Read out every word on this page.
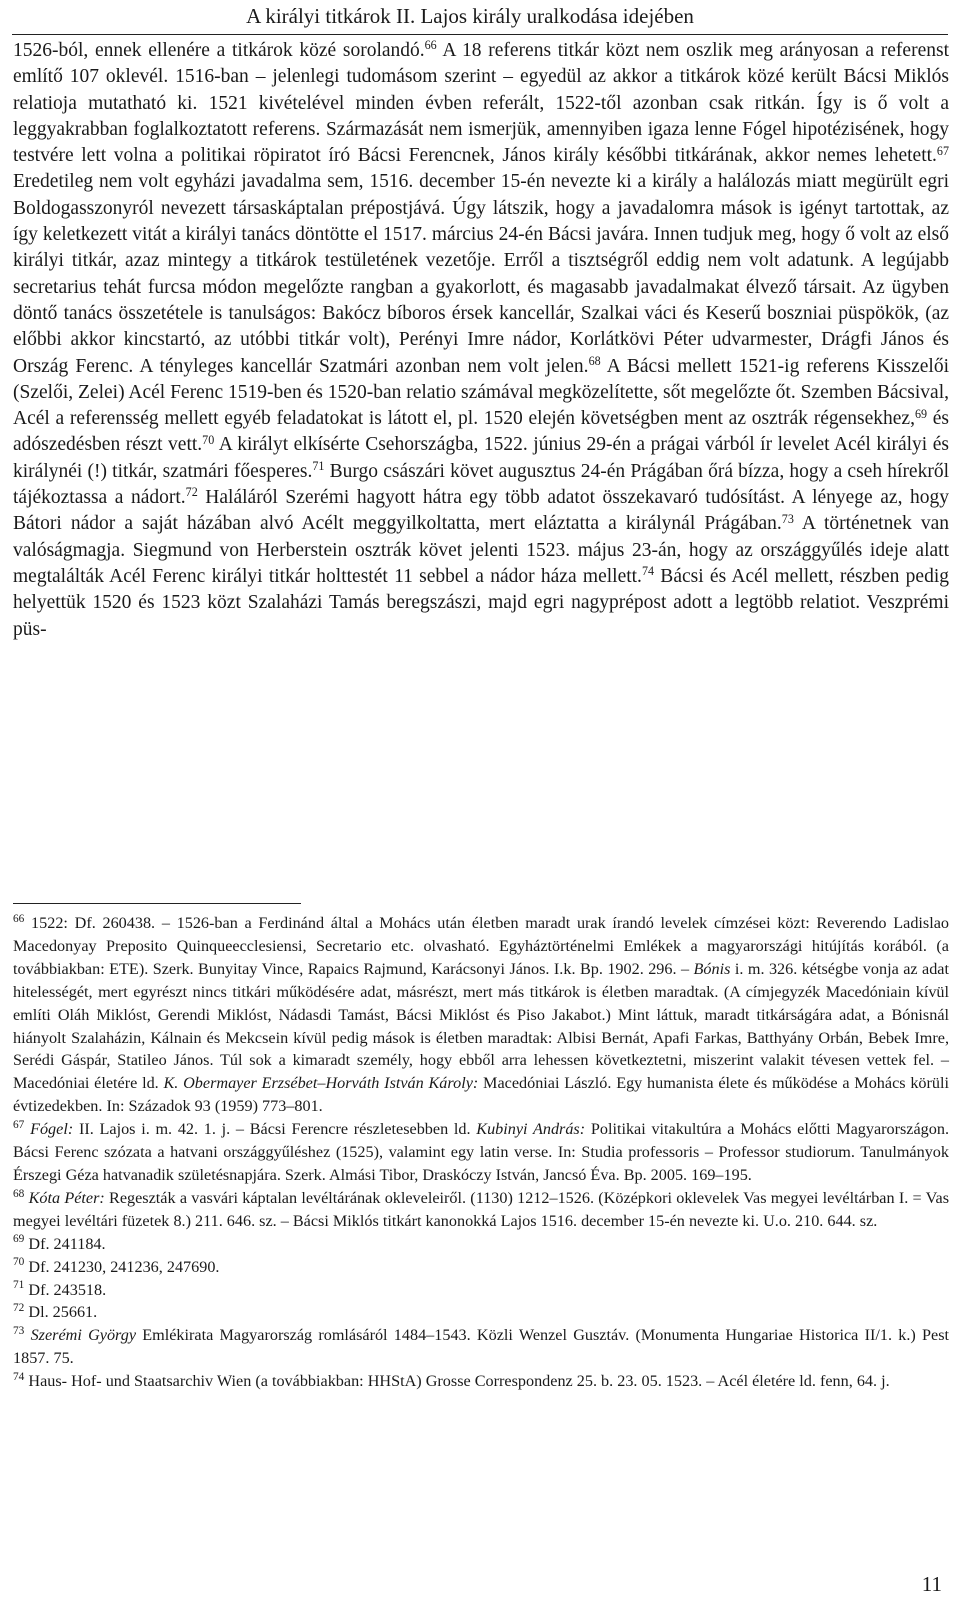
A királyi titkárok II. Lajos király uralkodása idejében

1526-ból, ennek ellenére a titkárok közé sorolandó.$^{66}$ A 18 referens titkár közt nem oszlik meg arányosan a referenst említő 107 oklevél. 1516-ban – jelenlegi tudomásom szerint – egyedül az akkor a titkárok közé került Bácsi Miklós relatioja mutatható ki. 1521 kivételével minden évben referált, 1522-től azonban csak ritkán. Így is ő volt a leggyakrabban foglalkoztatott referens. Származását nem ismerjük, amennyiben igaza lenne Fógel hipotézisének, hogy testvére lett volna a politikai röpiratot író Bácsi Ferencnek, János király későbbi titkárának, akkor nemes lehetett.$^{67}$ Eredetileg nem volt egyházi javadalma sem, 1516. december 15-én nevezte ki a király a halálozás miatt megürült egri Boldogasszonyról nevezett társaskáptalan prépostjává. Úgy látszik, hogy a javadalomra mások is igényt tartottak, az így keletkezett vitát a királyi tanács döntötte el 1517. március 24-én Bácsi javára. Innen tudjuk meg, hogy ő volt az első királyi titkár, azaz mintegy a titkárok testületének vezetője. Erről a tisztségről eddig nem volt adatunk. A legújabb secretarius tehát furcsa módon megelőzte rangban a gyakorlott, és magasabb javadalmakat élvező társait. Az ügyben döntő tanács összetétele is tanulságos: Bakócz bíboros érsek kancellár, Szalkai váci és Keserű boszniai püspökök, (az előbbi akkor kincstartó, az utóbbi titkár volt), Perényi Imre nádor, Korlátkövi Péter udvarmester, Drágfi János és Ország Ferenc. A tényleges kancellár Szatmári azonban nem volt jelen.$^{68}$ A Bácsi mellett 1521-ig referens Kisszelői (Szelői, Zelei) Acél Ferenc 1519-ben és 1520-ban relatio számával megközelítette, sőt megelőzte őt. Szemben Bácsival, Acél a referensség mellett egyéb feladatokat is látott el, pl. 1520 elején követségben ment az osztrák régensekhez,$^{69}$ és adószedésben részt vett.$^{70}$ A királyt elkísérte Csehországba, 1522. június 29-én a prágai várból ír levelet Acél királyi és királynéi (!) titkár, szatmári főesperes.$^{71}$ Burgo császári követ augusztus 24-én Prágában őrá bízza, hogy a cseh hírekről tájékoztassa a nádort.$^{72}$ Haláláról Szerémi hagyott hátra egy több adatot összekavaró tudósítást. A lényege az, hogy Bátori nádor a saját házában alvó Acélt meggyilkoltatta, mert eláztatta a királynál Prágában.$^{73}$ A történetnek van valóságmagja. Siegmund von Herberstein osztrák követ jelenti 1523. május 23-án, hogy az országgyűlés ideje alatt megtalálták Acél Ferenc királyi titkár holttestét 11 sebbel a nádor háza mellett.$^{74}$ Bácsi és Acél mellett, részben pedig helyettük 1520 és 1523 közt Szalaházi Tamás beregszászi, majd egri nagyprépost adott a legtöbb relatiot. Veszprémi püs-

$^{66}$ 1522: Df. 260438. – 1526-ban a Ferdinánd által a Mohács után életben maradt urak írandó levelek címzései közt: Reverendo Ladislao Macedonyay Preposito Quinqueecclesiensi, Secretario etc. olvasható. Egyháztörténelmi Emlékek a magyarországi hitújítás korából. (a továbbiakban: ETE). Szerk. Bunyitay Vince, Rapaics Rajmund, Karácsonyi János. I.k. Bp. 1902. 296. – Bónis i. m. 326. kétségbe vonja az adat hitelességét, mert egyrészt nincs titkári működésére adat, másrészt, mert más titkárok is életben maradtak. (A címjegyzék Macedóniain kívül említi Oláh Miklóst, Gerendi Miklóst, Nádasdi Tamást, Bácsi Miklóst és Piso Jakabot.) Mint láttuk, maradt titkárságára adat, a Bónisnál hiányolt Szalaházin, Kálnain és Mekcsein kívül pedig mások is életben maradtak: Albisi Bernát, Apafi Farkas, Batthyány Orbán, Bebek Imre, Serédi Gáspár, Statileo János. Túl sok a kimaradt személy, hogy ebből arra lehessen következtetni, miszerint valakit tévesen vettek fel. – Macedóniai életére ld. K. Obermayer Erzsébet–Horváth István Károly: Macedóniai László. Egy humanista élete és működése a Mohács körüli évtizedekben. In: Századok 93 (1959) 773–801.

$^{67}$ Fógel: II. Lajos i. m. 42. 1. j. – Bácsi Ferencre részletesebben ld. Kubinyi András: Politikai vitakultúra a Mohács előtti Magyarországon. Bácsi Ferenc szózata a hatvani országgyűléshez (1525), valamint egy latin verse. In: Studia professoris – Professor studiorum. Tanulmányok Érszegi Géza hatvanadik születésnapjára. Szerk. Almási Tibor, Draskóczy István, Jancsó Éva. Bp. 2005. 169–195.

$^{68}$ Kóta Péter: Regeszták a vasvári káptalan levéltárának okleveleiről. (1130) 1212–1526. (Középkori oklevelek Vas megyei levéltárban I. = Vas megyei levéltári füzetek 8.) 211. 646. sz. – Bácsi Miklós titkárt kanonokká Lajos 1516. december 15-én nevezte ki. U.o. 210. 644. sz.

$^{69}$ Df. 241184.

$^{70}$ Df. 241230, 241236, 247690.

$^{71}$ Df. 243518.

$^{72}$ Dl. 25661.

$^{73}$ Szerémi György Emlékirata Magyarország romlásáról 1484–1543. Közli Wenzel Gusztáv. (Monumenta Hungariae Historica II/1. k.) Pest 1857. 75.

$^{74}$ Haus- Hof- und Staatsarchiv Wien (a továbbiakban: HHStA) Grosse Correspondenz 25. b. 23. 05. 1523. – Acél életére ld. fenn, 64. j.

11
